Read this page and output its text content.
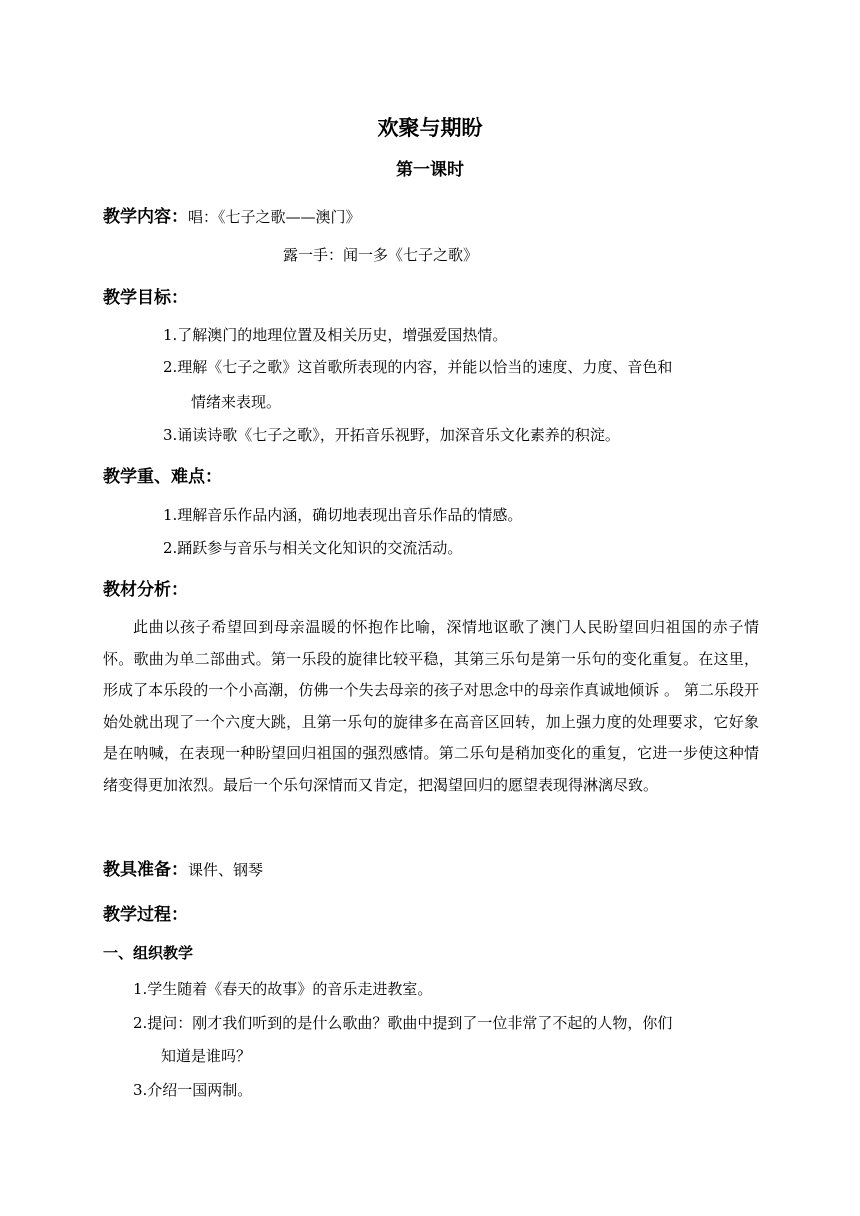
欢聚与期盼
第一课时
教学内容：唱：《七子之歌——澳门》
露一手：闻一多《七子之歌》
教学目标：
1.了解澳门的地理位置及相关历史，增强爱国热情。
2.理解《七子之歌》这首歌所表现的内容，并能以恰当的速度、力度、音色和
情绪来表现。
3.诵读诗歌《七子之歌》，开拓音乐视野，加深音乐文化素养的积淀。
教学重、难点：
1.理解音乐作品内涵，确切地表现出音乐作品的情感。
2.踊跃参与音乐与相关文化知识的交流活动。
教材分析：

此曲以孩子希望回到母亲温暖的怀抱作比喻，深情地讴歌了澳门人民盼望回归祖国的赤子情怀。歌曲为单二部曲式。第一乐段的旋律比较平稳，其第三乐句是第一乐句的变化重复。在这里，形成了本乐段的一个小高潮，仿佛一个失去母亲的孩子对思念中的母亲作真诚地倾诉 。 第二乐段开始处就出现了一个六度大跳，且第一乐句的旋律多在高音区回转，加上强力度的处理要求，它好象是在呐喊，在表现一种盼望回归祖国的强烈感情。第二乐句是稍加变化的重复，它进一步使这种情绪变得更加浓烈。最后一个乐句深情而又肯定，把渴望回归的愿望表现得淋漓尽致。

教具准备：课件、钢琴
教学过程：
一、组织教学
1.学生随着《春天的故事》的音乐走进教室。
2.提问：刚才我们听到的是什么歌曲？歌曲中提到了一位非常了不起的人物，你们
知道是谁吗？
3.介绍一国两制。
